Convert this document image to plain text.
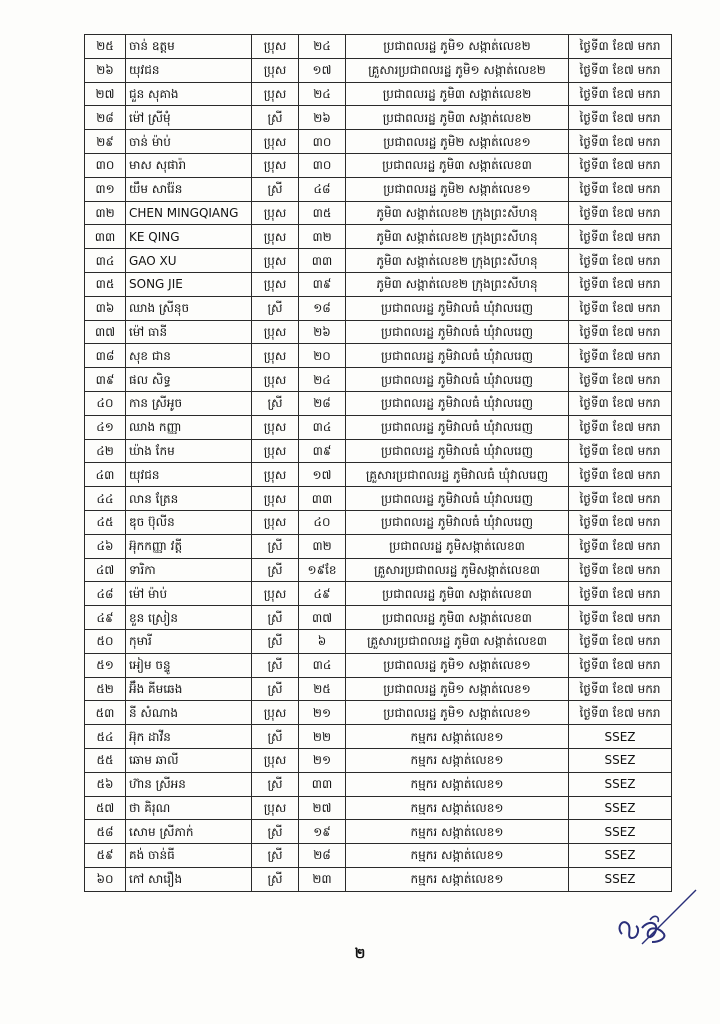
២៥	ចាន់ ឧត្តម	ប្រុស	២៤	ប្រជាពលរដ្ឋ ភូមិ១ សង្កាត់លេខ២	ថ្ងៃទី៣ ខែ៧ មករា
២៦	យុវជន	ប្រុស	១៧	គ្រួសារប្រជាពលរដ្ឋ ភូមិ១ សង្កាត់លេខ២	ថ្ងៃទី៣ ខែ៧ មករា
២៧	ជួន សុគាង	ប្រុស	២៤	ប្រជាពលរដ្ឋ ភូមិ៣ សង្កាត់លេខ២	ថ្ងៃទី៣ ខែ៧ មករា
២៨	ម៉ៅ ស្រីមុំ	ស្រី	២៦	ប្រជាពលរដ្ឋ ភូមិ៣ សង្កាត់លេខ២	ថ្ងៃទី៣ ខែ៧ មករា
២៩	ចាន់ ម៉ាប់	ប្រុស	៣០	ប្រជាពលរដ្ឋ ភូមិ២ សង្កាត់លេខ១	ថ្ងៃទី៣ ខែ៧ មករា
៣០	មាស សុផារ៉ា	ប្រុស	៣០	ប្រជាពលរដ្ឋ ភូមិ៣ សង្កាត់លេខ៣	ថ្ងៃទី៣ ខែ៧ មករា
៣១	យឹម សារ៉ែន	ស្រី	៤៨	ប្រជាពលរដ្ឋ ភូមិ២ សង្កាត់លេខ១	ថ្ងៃទី៣ ខែ៧ មករា
៣២	CHEN MINGQIANG	ប្រុស	៣៥	ភូមិ៣ សង្កាត់លេខ២ ក្រុងព្រះសីហនុ	ថ្ងៃទី៣ ខែ៧ មករា
៣៣	KE QING	ប្រុស	៣២	ភូមិ៣ សង្កាត់លេខ២ ក្រុងព្រះសីហនុ	ថ្ងៃទី៣ ខែ៧ មករា
៣៤	GAO XU	ប្រុស	៣៣	ភូមិ៣ សង្កាត់លេខ២ ក្រុងព្រះសីហនុ	ថ្ងៃទី៣ ខែ៧ មករា
៣៥	SONG JIE	ប្រុស	៣៩	ភូមិ៣ សង្កាត់លេខ២ ក្រុងព្រះសីហនុ	ថ្ងៃទី៣ ខែ៧ មករា
៣៦	ឈាង ស្រីនុច	ស្រី	១៨	ប្រជាពលរដ្ឋ ភូមិវាលធំ ឃុំវាលរេញ	ថ្ងៃទី៣ ខែ៧ មករា
៣៧	ម៉ៅ ធានី	ប្រុស	២៦	ប្រជាពលរដ្ឋ ភូមិវាលធំ ឃុំវាលរេញ	ថ្ងៃទី៣ ខែ៧ មករា
៣៨	សុខ ជាន	ប្រុស	២០	ប្រជាពលរដ្ឋ ភូមិវាលធំ ឃុំវាលរេញ	ថ្ងៃទី៣ ខែ៧ មករា
៣៩	ផល សិទ្ធ	ប្រុស	២៤	ប្រជាពលរដ្ឋ ភូមិវាលធំ ឃុំវាលរេញ	ថ្ងៃទី៣ ខែ៧ មករា
៤០	កាន ស្រីអូច	ស្រី	២៨	ប្រជាពលរដ្ឋ ភូមិវាលធំ ឃុំវាលរេញ	ថ្ងៃទី៣ ខែ៧ មករា
៤១	ឈាង កញ្ញា	ប្រុស	៣៤	ប្រជាពលរដ្ឋ ភូមិវាលធំ ឃុំវាលរេញ	ថ្ងៃទី៣ ខែ៧ មករា
៤២	ឃ៉ាង កែម	ប្រុស	៣៩	ប្រជាពលរដ្ឋ ភូមិវាលធំ ឃុំវាលរេញ	ថ្ងៃទី៣ ខែ៧ មករា
៤៣	យុវជន	ប្រុស	១៧	គ្រួសារប្រជាពលរដ្ឋ ភូមិវាលធំ ឃុំវាលរេញ	ថ្ងៃទី៣ ខែ៧ មករា
៤៤	លាន ត្រែន	ប្រុស	៣៣	ប្រជាពលរដ្ឋ ភូមិវាលធំ ឃុំវាលរេញ	ថ្ងៃទី៣ ខែ៧ មករា
៤៥	ឌុច ប៊ុលីន	ប្រុស	៤០	ប្រជាពលរដ្ឋ ភូមិវាលធំ ឃុំវាលរេញ	ថ្ងៃទី៣ ខែ៧ មករា
៤៦	អ៊ុកកញ្ញា វត្តី	ស្រី	៣២	ប្រជាពលរដ្ឋ ភូមិសង្កាត់លេខ៣	ថ្ងៃទី៣ ខែ៧ មករា
៤៧	ទារិកា	ស្រី	១៩ខែ	គ្រួសារប្រជាពលរដ្ឋ ភូមិសង្កាត់លេខ៣	ថ្ងៃទី៣ ខែ៧ មករា
៤៨	ម៉ៅ ម៉ាប់	ប្រុស	៤៩	ប្រជាពលរដ្ឋ ភូមិ៣ សង្កាត់លេខ៣	ថ្ងៃទី៣ ខែ៧ មករា
៤៩	ខួន ស្រៀន	ស្រី	៣៧	ប្រជាពលរដ្ឋ ភូមិ៣ សង្កាត់លេខ៣	ថ្ងៃទី៣ ខែ៧ មករា
៥០	កុមារី	ស្រី	៦	គ្រួសារប្រជាពលរដ្ឋ ភូមិ៣ សង្កាត់លេខ៣	ថ្ងៃទី៣ ខែ៧ មករា
៥១	អៀម ចន្ទូ	ស្រី	៣៤	ប្រជាពលរដ្ឋ ភូមិ១ សង្កាត់លេខ១	ថ្ងៃទី៣ ខែ៧ មករា
៥២	អ៊ឹង គីមឆេង	ស្រី	២៥	ប្រជាពលរដ្ឋ ភូមិ១ សង្កាត់លេខ១	ថ្ងៃទី៣ ខែ៧ មករា
៥៣	នី សំណាង	ប្រុស	២១	ប្រជាពលរដ្ឋ ភូមិ១ សង្កាត់លេខ១	ថ្ងៃទី៣ ខែ៧ មករា
៥៤	អ៊ុក ដាវីន	ស្រី	២២	កម្មករ សង្កាត់លេខ១	SSEZ
៥៥	ឆោម ឆាលី	ប្រុស	២១	កម្មករ សង្កាត់លេខ១	SSEZ
៥៦	ហ៊ាន ស្រីអន	ស្រី	៣៣	កម្មករ សង្កាត់លេខ១	SSEZ
៥៧	ថា គិរុណ	ប្រុស	២៧	កម្មករ សង្កាត់លេខ១	SSEZ
៥៨	សោម ស្រីភាក់	ស្រី	១៩	កម្មករ សង្កាត់លេខ១	SSEZ
៥៩	គង់ ចាន់ធី	ស្រី	២៨	កម្មករ សង្កាត់លេខ១	SSEZ
៦០	កៅ សារឿង	ស្រី	២៣	កម្មករ សង្កាត់លេខ១	SSEZ
២
